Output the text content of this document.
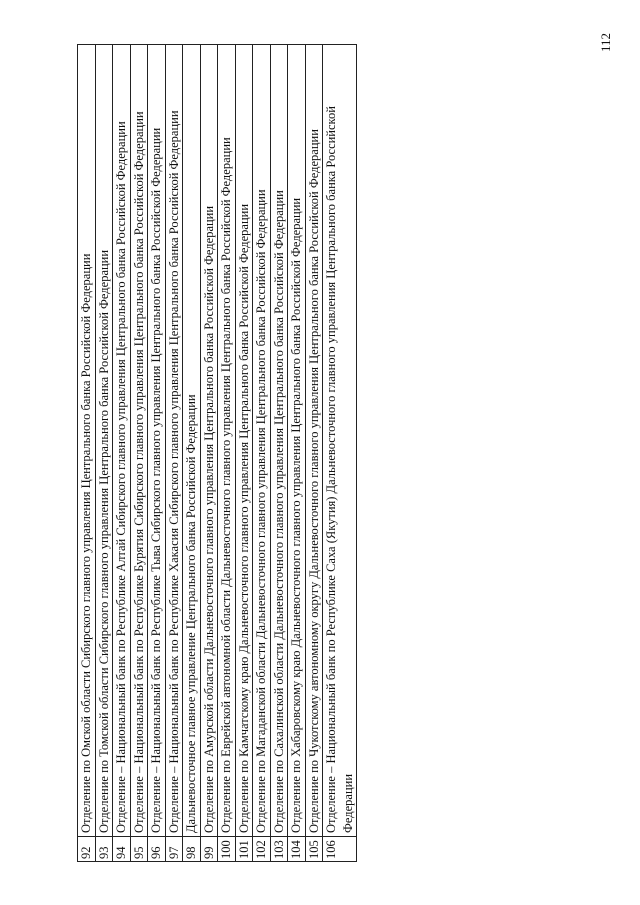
112
92	Отделение по Омской области Сибирского главного управления Центрального банка Российской Федерации
93	Отделение по Томской области Сибирского главного управления Центрального банка Российской Федерации
94	Отделение – Национальный банк по Республике Алтай Сибирского главного управления Центрального банка Российской Федерации
95	Отделение – Национальный банк по Республике Бурятия Сибирского главного управления Центрального банка Российской Федерации
96	Отделение – Национальный банк по Республике Тыва Сибирского главного управления Центрального банка Российской Федерации
97	Отделение – Национальный банк по Республике Хакасия Сибирского главного управления Центрального банка Российской Федерации
98	Дальневосточное главное управление Центрального банка Российской Федерации
99	Отделение по Амурской области Дальневосточного главного управления Центрального банка Российской Федерации
100	Отделение по Еврейской автономной области Дальневосточного главного управления Центрального банка Российской Федерации
101	Отделение по Камчатскому краю Дальневосточного главного управления Центрального банка Российской Федерации
102	Отделение по Магаданской области Дальневосточного главного управления Центрального банка Российской Федерации
103	Отделение по Сахалинской области Дальневосточного главного управления Центрального банка Российской Федерации
104	Отделение по Хабаровскому краю Дальневосточного главного управления Центрального банка Российской Федерации
105	Отделение по Чукотскому автономному округу Дальневосточного главного управления Центрального банка Российской Федерации
106	Отделение – Национальный банк по Республике Саха (Якутия) Дальневосточного главного управления Центрального банка Российской Федерации
